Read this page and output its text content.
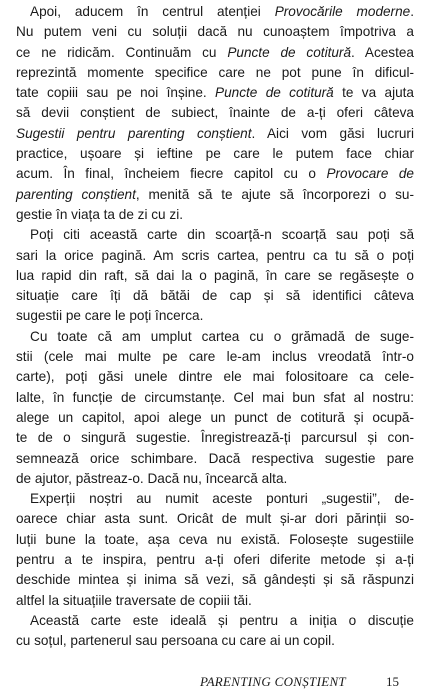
Apoi, aducem în centrul atenției Provocările moderne.
Nu putem veni cu soluții dacă nu cunoaștem împotriva a
ce ne ridicăm. Continuăm cu Puncte de cotitură. Acestea
reprezintă momente specifice care ne pot pune în dificul-
tate copiii sau pe noi înșine. Puncte de cotitură te va ajuta
să devii conștient de subiect, înainte de a-ți oferi câteva
Sugestii pentru parenting conștient. Aici vom găsi lucruri
practice, ușoare și ieftine pe care le putem face chiar
acum. În final, încheiem fiecre capitol cu o Provocare de
parenting conștient, menită să te ajute să încorporezi o su-
gestie în viața ta de zi cu zi.

Poți citi această carte din scoarță-n scoarță sau poți să
sari la orice pagină. Am scris cartea, pentru ca tu să o poți
lua rapid din raft, să dai la o pagină, în care se regăsește o
situație care îți dă bătăi de cap și să identifici câteva
sugestii pe care le poți încerca.

Cu toate că am umplut cartea cu o grămadă de suge-
stii (cele mai multe pe care le-am inclus vreodată într-o
carte), poți găsi unele dintre ele mai folositoare ca cele-
lalte, în funcție de circumstanțe. Cel mai bun sfat al nostru:
alege un capitol, apoi alege un punct de cotitură și ocupă-
te de o singură sugestie. Înregistrează-ți parcursul și con-
semnează orice schimbare. Dacă respectiva sugestie pare
de ajutor, păstreaz-o. Dacă nu, încearcă alta.

Experții noștri au numit aceste ponturi „sugestii”, de-
oarece chiar asta sunt. Oricât de mult și-ar dori părinții so-
luții bune la toate, așa ceva nu există. Folosește sugestiile
pentru a te inspira, pentru a-ți oferi diferite metode și a-ți
deschide mintea și inima să vezi, să gândești și să răspunzi
altfel la situațiile traversate de copiii tăi.

Această carte este ideală și pentru a iniția o discuție
cu soțul, partenerul sau persoana cu care ai un copil.

PARENTING CONȘTIENT	15
